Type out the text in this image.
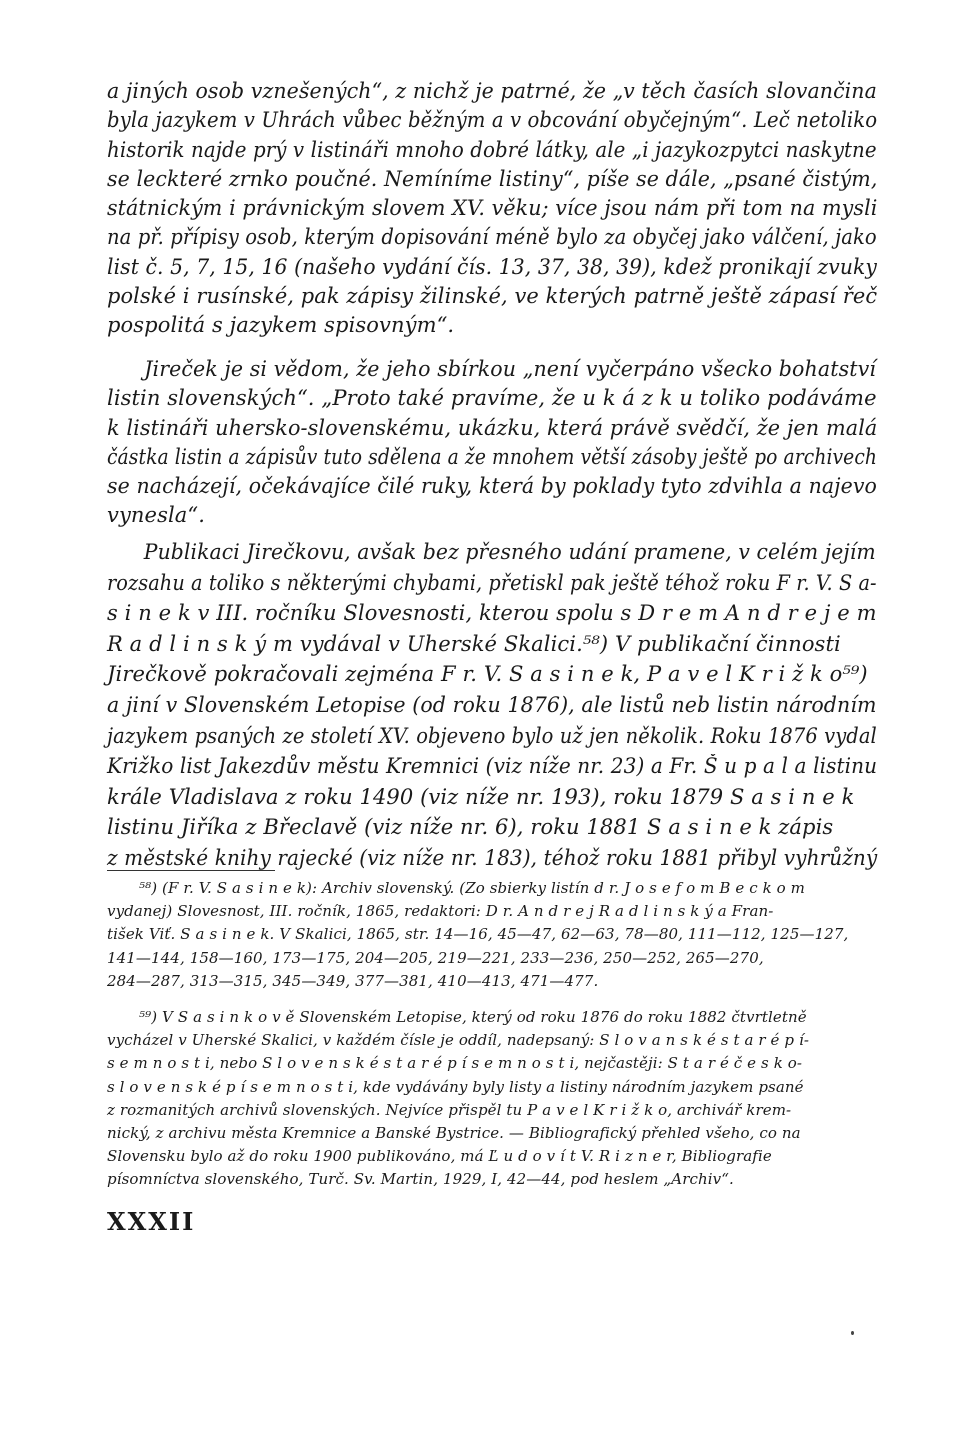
a jiných osob vznešených“, z nichž je patrné, že „v těch časích slovančina
byla jazykem v Uhrách vůbec běžným a v obcování obyčejným“. Leč netoliko
historik najde prý v listináři mnoho dobré látky, ale „i jazykozpytci naskytne
se leckteré zrnko poučné. Nemíníme listiny“, píše se dále, „psané čistým,
státnickým i právnickým slovem XV. věku; více jsou nám při tom na mysli
na př. přípisy osob, kterým dopisování méně bylo za obyčej jako válčení, jako
list č. 5, 7, 15, 16 (našeho vydání čís. 13, 37, 38, 39), kdež pronikají zvuky
polské i rusínské, pak zápisy žilinské, ve kterých patrně ještě zápasí řeč
pospolitá s jazykem spisovným“.
Jireček je si vědom, že jeho sbírkou „není vyčerpáno všecko bohatství
listin slovenských“. „Proto také pravíme, že u k á z k u toliko podáváme
k listináři uhersko-slovenskému, ukázku, která právě svědčí, že jen malá
částka listin a zápisův tuto sdělena a že mnohem větší zásoby ještě po archivech
se nacházejí, očekávajíce čilé ruky, která by poklady tyto zdvihla a najevo
vynesla“.
Publikaci Jirečkovu, avšak bez přesného udání pramene, v celém jejím
rozsahu a toliko s některými chybami, přetiskl pak ještě téhož roku F r. V. S a-
s i n e k v III. ročníku Slovesnosti, kterou spolu s D r e m A n d r e j e m
R a d l i n s k ý m vydával v Uherské Skalici.⁵⁸) V publikační činnosti
Jirečkově pokračovali zejména F r. V. S a s i n e k, P a v e l K r i ž k o⁵⁹)
a jiní v Slovenském Letopise (od roku 1876), ale listů neb listin národním
jazykem psaných ze století XV. objeveno bylo už jen několik. Roku 1876 vydal
Križko list Jakezdův městu Kremnici (viz níže nr. 23) a Fr. Š u p a l a listinu
krále Vladislava z roku 1490 (viz níže nr. 193), roku 1879 S a s i n e k
listinu Jiříka z Břeclavě (viz níže nr. 6), roku 1881 S a s i n e k zápis
z městské knihy rajecké (viz níže nr. 183), téhož roku 1881 přibyl vyhrůžný
⁵⁸) (F r. V. S a s i n e k): Archiv slovenský. (Zo sbierky listín d r. J o s e f o m B e c k o m
vydanej) Slovesnost, III. ročník, 1865, redaktori: D r. A n d r e j R a d l i n s k ý a Fran-
tišek Viť. S a s i n e k. V Skalici, 1865, str. 14—16, 45—47, 62—63, 78—80, 111—112, 125—127,
141—144, 158—160, 173—175, 204—205, 219—221, 233—236, 250—252, 265—270,
284—287, 313—315, 345—349, 377—381, 410—413, 471—477.
⁵⁹) V S a s i n k o v ě Slovenském Letopise, který od roku 1876 do roku 1882 čtvrtletně
vycházel v Uherské Skalici, v každém čísle je oddíl, nadepsaný: S l o v a n s k é s t a r é p í-
s e m n o s t i, nebo S l o v e n s k é s t a r é p í s e m n o s t i, nejčastěji: S t a r é č e s k o-
s l o v e n s k é p í s e m n o s t i, kde vydávány byly listy a listiny národním jazykem psané
z rozmanitých archivů slovenských. Nejvíce přispěl tu P a v e l K r i ž k o, archivář krem-
nický, z archivu města Kremnice a Banské Bystrice. — Bibliografický přehled všeho, co na
Slovensku bylo až do roku 1900 publikováno, má Ľ u d o v í t V. R i z n e r, Bibliografie
písomníctva slovenského, Turč. Sv. Martin, 1929, I, 42—44, pod heslem „Archiv“.
XXXII
